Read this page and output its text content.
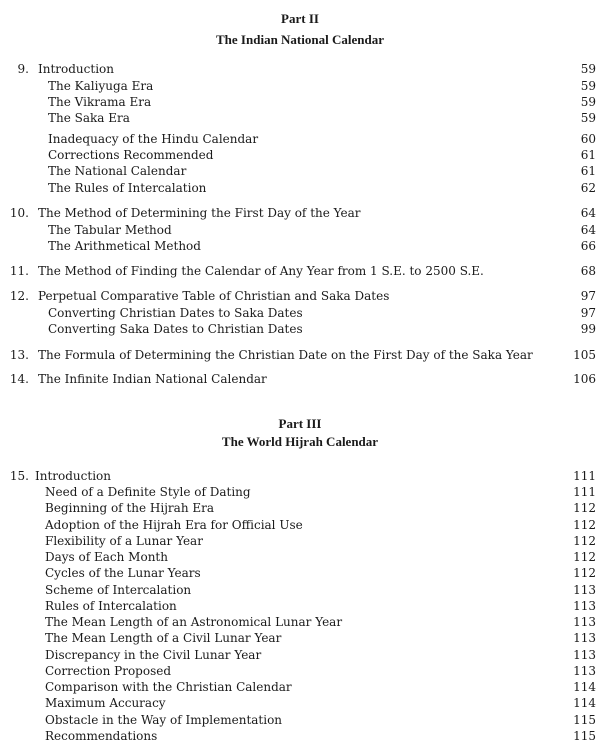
Part II
The Indian National Calendar
9. Introduction	59
The Kaliyuga Era	59
The Vikrama Era	59
The Saka Era	59
Inadequacy of the Hindu Calendar	60
Corrections Recommended	61
The National Calendar	61
The Rules of Intercalation	62
10. The Method of Determining the First Day of the Year	64
The Tabular Method	64
The Arithmetical Method	66
11. The Method of Finding the Calendar of Any Year from 1 S.E. to 2500 S.E.	68
12. Perpetual Comparative Table of Christian and Saka Dates	97
Converting Christian Dates to Saka Dates	97
Converting Saka Dates to Christian Dates	99
13. The Formula of Determining the Christian Date on the First Day of the Saka Year	105
14. The Infinite Indian National Calendar	106
Part III
The World Hijrah Calendar
15. Introduction	111
Need of a Definite Style of Dating	111
Beginning of the Hijrah Era	112
Adoption of the Hijrah Era for Official Use	112
Flexibility of a Lunar Year	112
Days of Each Month	112
Cycles of the Lunar Years	112
Scheme of Intercalation	113
Rules of Intercalation	113
The Mean Length of an Astronomical Lunar Year	113
The Mean Length of a Civil Lunar Year	113
Discrepancy in the Civil Lunar Year	113
Correction Proposed	113
Comparison with the Christian Calendar	114
Maximum Accuracy	114
Obstacle in the Way of Implementation	115
Recommendations	115
